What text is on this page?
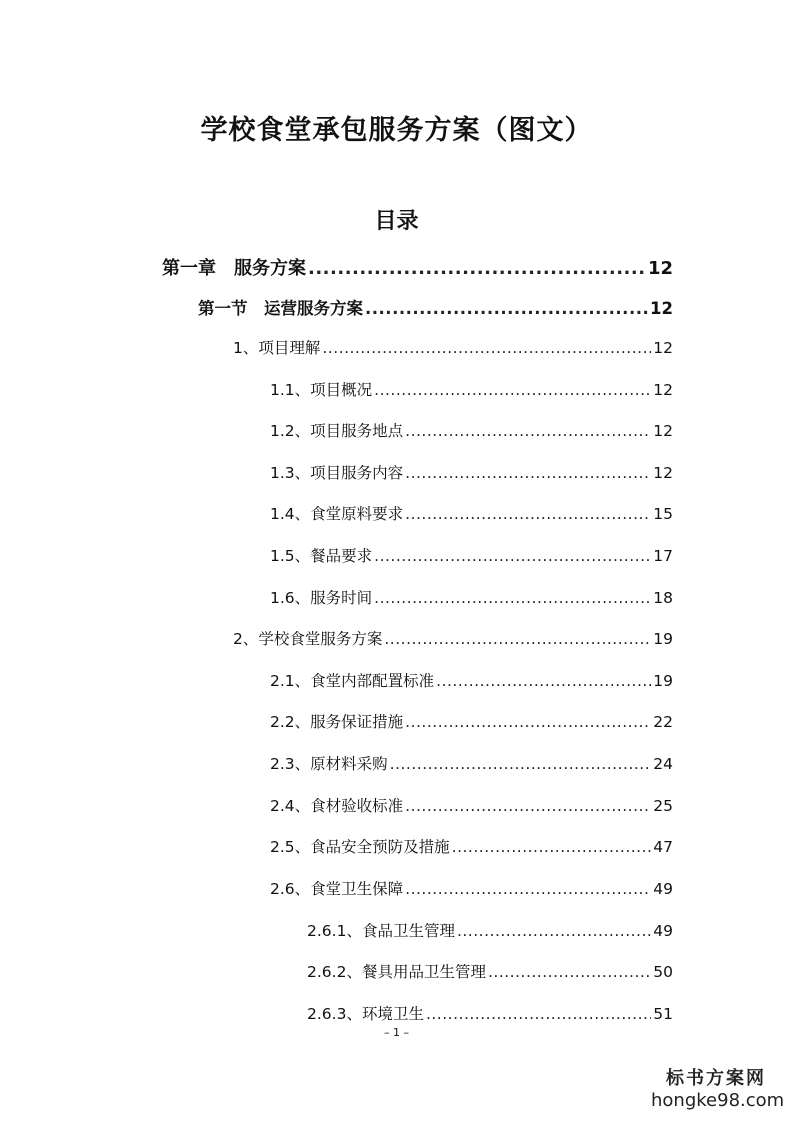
学校食堂承包服务方案（图文）
目录
第一章　服务方案 .....	12
第一节　运营服务方案 .....	12
1、项目理解 .....	12
1.1、项目概况 .....	12
1.2、项目服务地点 .....	12
1.3、项目服务内容 .....	12
1.4、食堂原料要求 .....	15
1.5、餐品要求 .....	17
1.6、服务时间 .....	18
2、学校食堂服务方案 .....	19
2.1、食堂内部配置标准 .....	19
2.2、服务保证措施 .....	22
2.3、原材料采购 .....	24
2.4、食材验收标准 .....	25
2.5、食品安全预防及措施 .....	47
2.6、食堂卫生保障 .....	49
2.6.1、食品卫生管理 .....	49
2.6.2、餐具用品卫生管理 .....	50
2.6.3、环境卫生 .....	51

– 1 –

标书方案网
hongke98.com
